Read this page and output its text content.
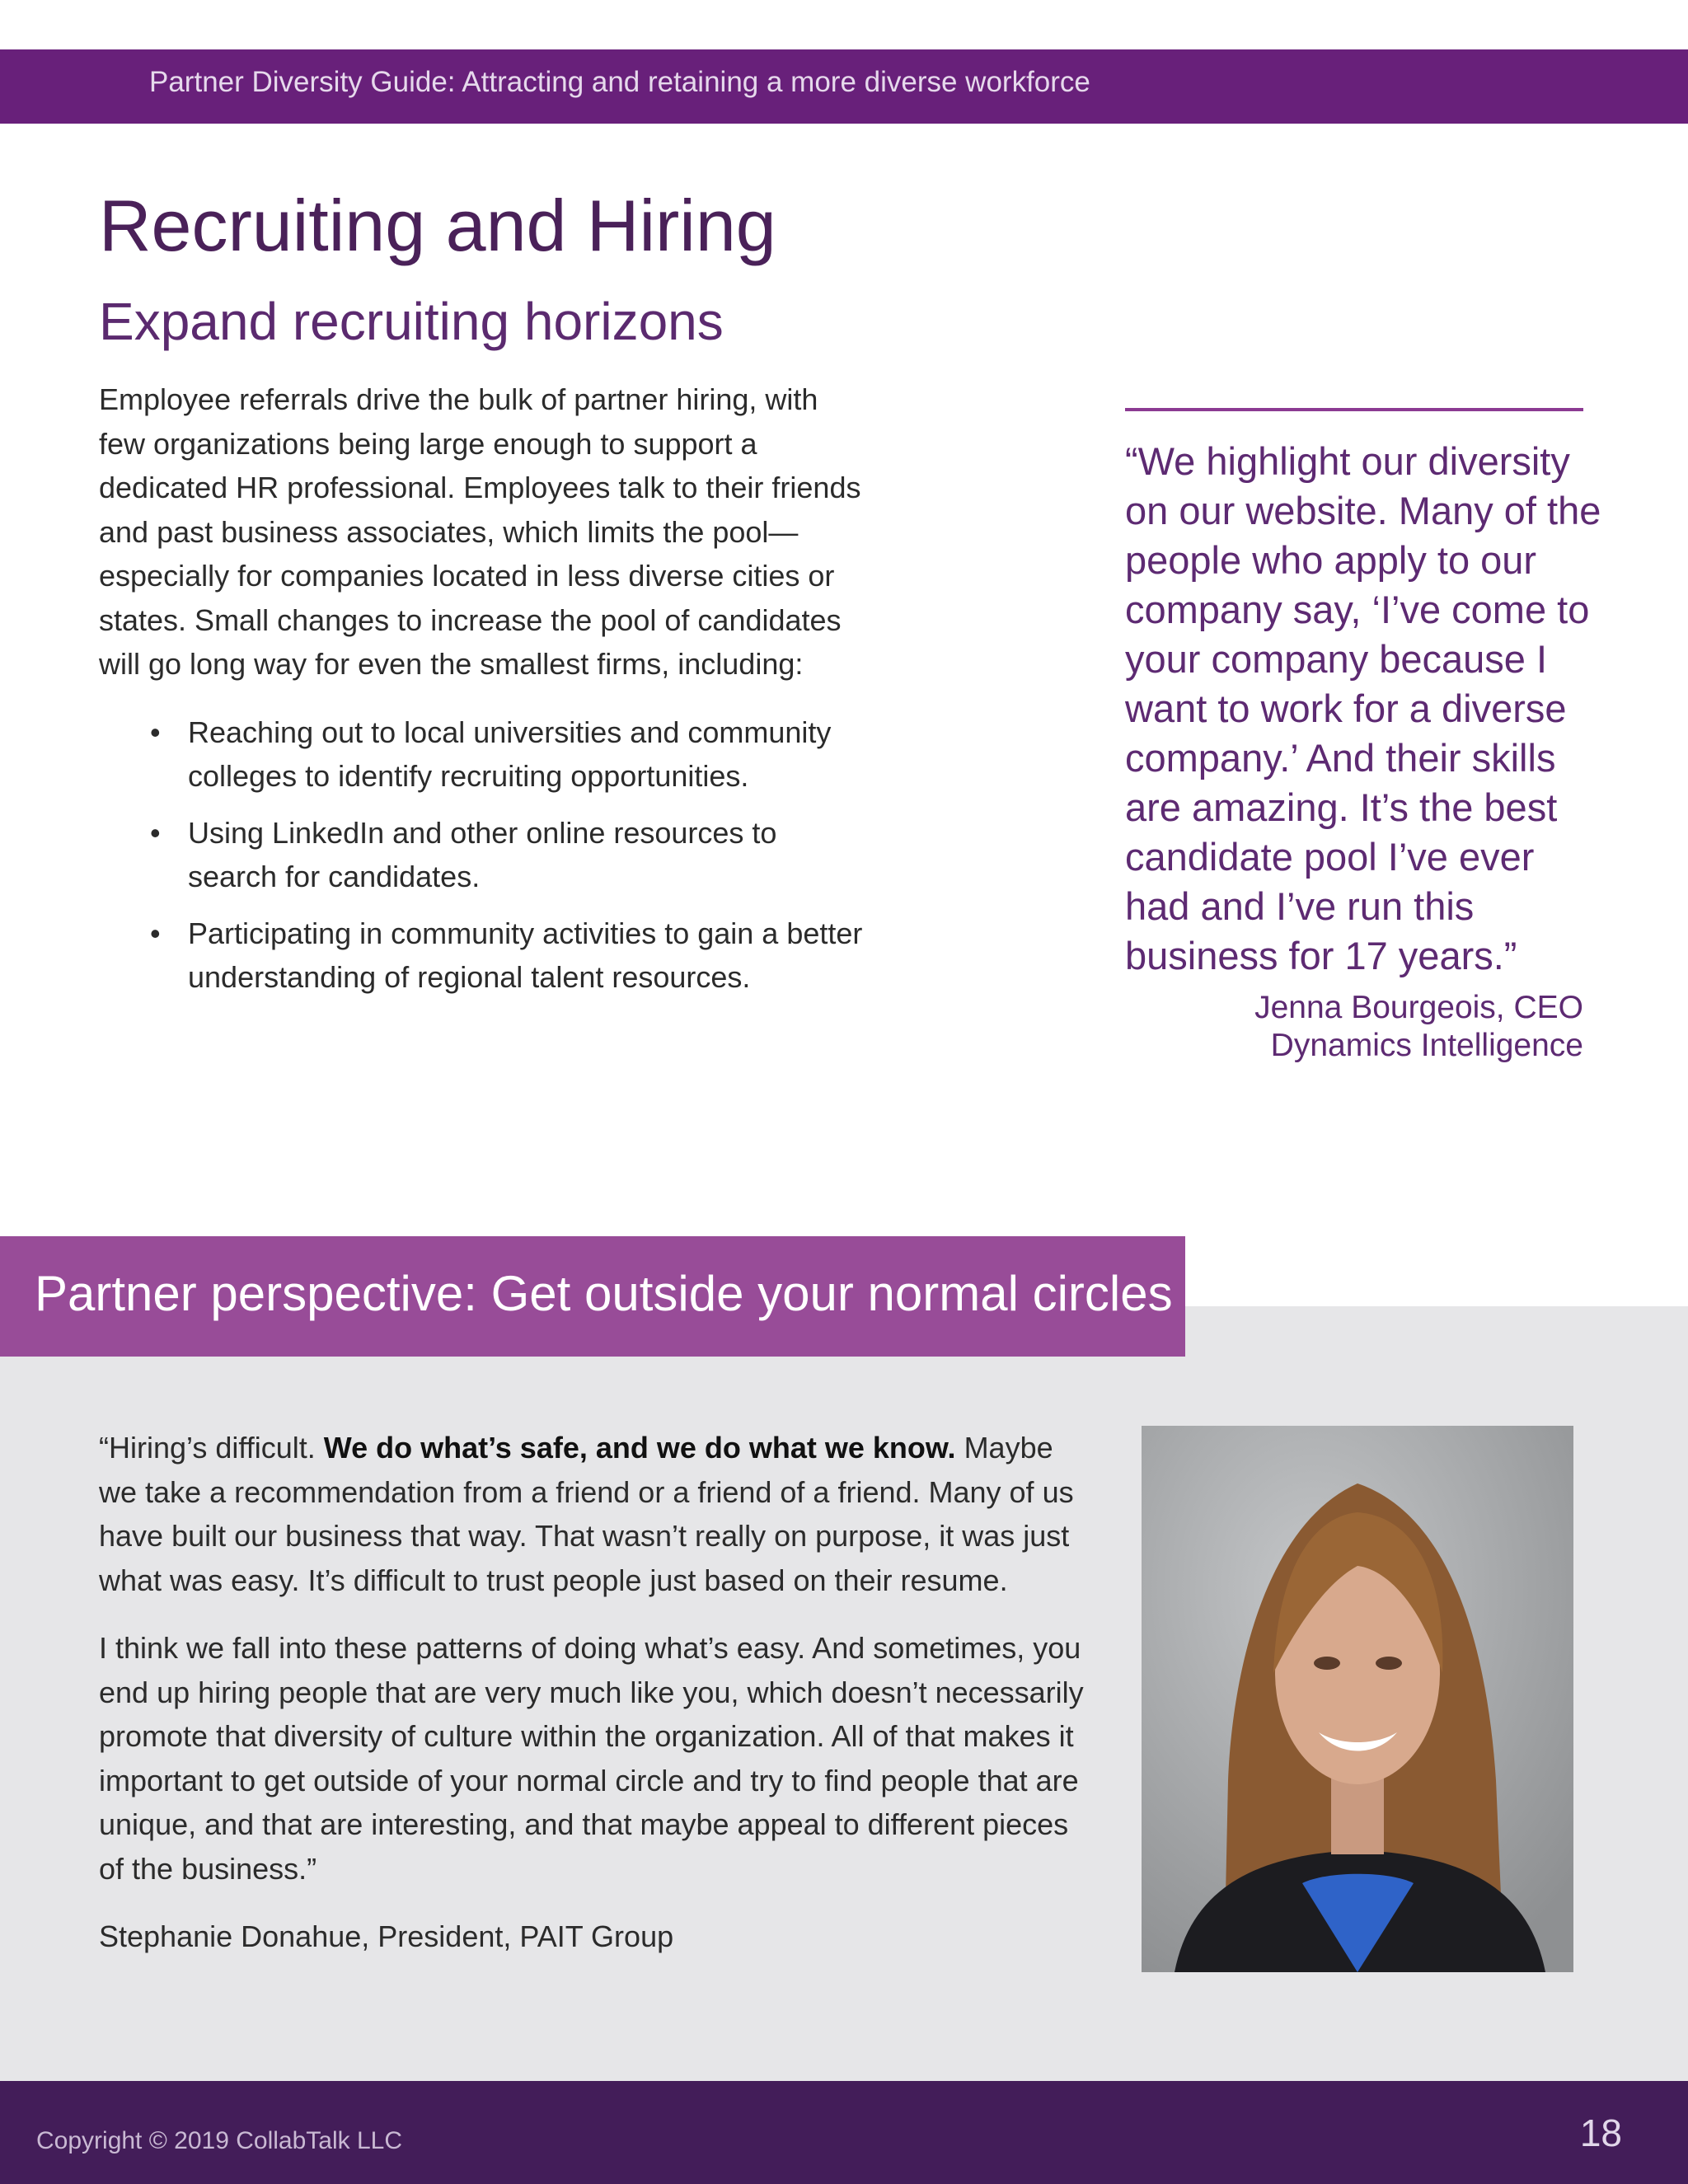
Partner Diversity Guide: Attracting and retaining a more diverse workforce
Recruiting and Hiring
Expand recruiting horizons

Employee referrals drive the bulk of partner hiring, with few organizations being large enough to support a dedicated HR professional. Employees talk to their friends and past business associates, which limits the pool—especially for companies located in less diverse cities or states. Small changes to increase the pool of candidates will go long way for even the smallest firms, including:

• Reaching out to local universities and community colleges to identify recruiting opportunities.
• Using LinkedIn and other online resources to search for candidates.
• Participating in community activities to gain a better understanding of regional talent resources.

“We highlight our diversity on our website. Many of the people who apply to our company say, ‘I’ve come to your company because I want to work for a diverse company.’ And their skills are amazing. It’s the best candidate pool I’ve ever had and I’ve run this business for 17 years.”

Jenna Bourgeois, CEO
Dynamics Intelligence
Partner perspective: Get outside your normal circles

“Hiring’s difficult. We do what’s safe, and we do what we know. Maybe we take a recommendation from a friend or a friend of a friend. Many of us have built our business that way. That wasn’t really on purpose, it was just what was easy. It’s difficult to trust people just based on their resume.

I think we fall into these patterns of doing what’s easy. And sometimes, you end up hiring people that are very much like you, which doesn’t necessarily promote that diversity of culture within the organization. All of that makes it important to get outside of your normal circle and try to find people that are unique, and that are interesting, and that maybe appeal to different pieces of the business.”

Stephanie Donahue, President, PAIT Group

Copyright © 2019 CollabTalk LLC	18
